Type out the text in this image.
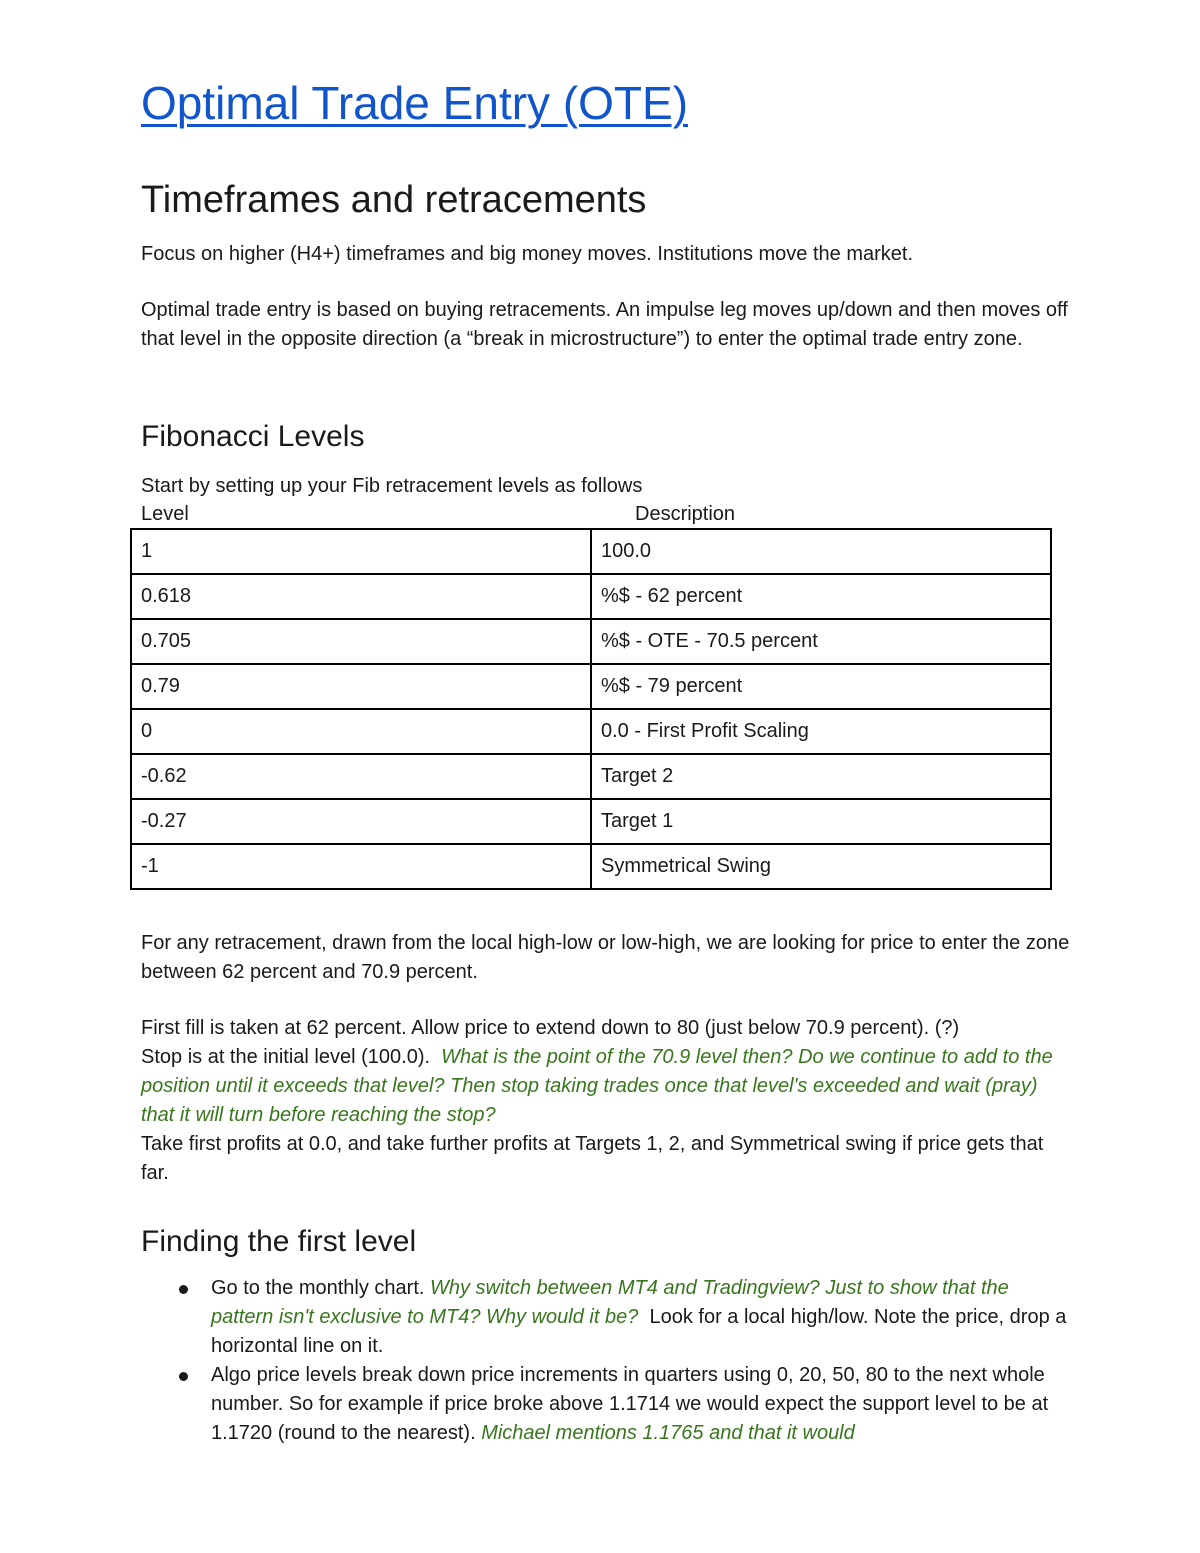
Optimal Trade Entry (OTE)
Timeframes and retracements

Focus on higher (H4+) timeframes and big money moves. Institutions move the market.

Optimal trade entry is based on buying retracements. An impulse leg moves up/down and then moves off that level in the opposite direction (a “break in microstructure”) to enter the optimal trade entry zone.

Fibonacci Levels

Start by setting up your Fib retracement levels as follows

Level	Description
1	100.0
0.618	%$ - 62 percent
0.705	%$ - OTE - 70.5 percent
0.79	%$ - 79 percent
0	0.0 - First Profit Scaling
-0.62	Target 2
-0.27	Target 1
-1	Symmetrical Swing

For any retracement, drawn from the local high-low or low-high, we are looking for price to enter the zone between 62 percent and 70.9 percent.

First fill is taken at 62 percent. Allow price to extend down to 80 (just below 70.9 percent). (?)
Stop is at the initial level (100.0). What is the point of the 70.9 level then? Do we continue to add to the position until it exceeds that level? Then stop taking trades once that level's exceeded and wait (pray) that it will turn before reaching the stop?
Take first profits at 0.0, and take further profits at Targets 1, 2, and Symmetrical swing if price gets that far.

Finding the first level
Go to the monthly chart. Why switch between MT4 and Tradingview? Just to show that the pattern isn't exclusive to MT4? Why would it be? Look for a local high/low. Note the price, drop a horizontal line on it.
Algo price levels break down price increments in quarters using 0, 20, 50, 80 to the next whole number. So for example if price broke above 1.1714 we would expect the support level to be at 1.1720 (round to the nearest). Michael mentions 1.1765 and that it would
